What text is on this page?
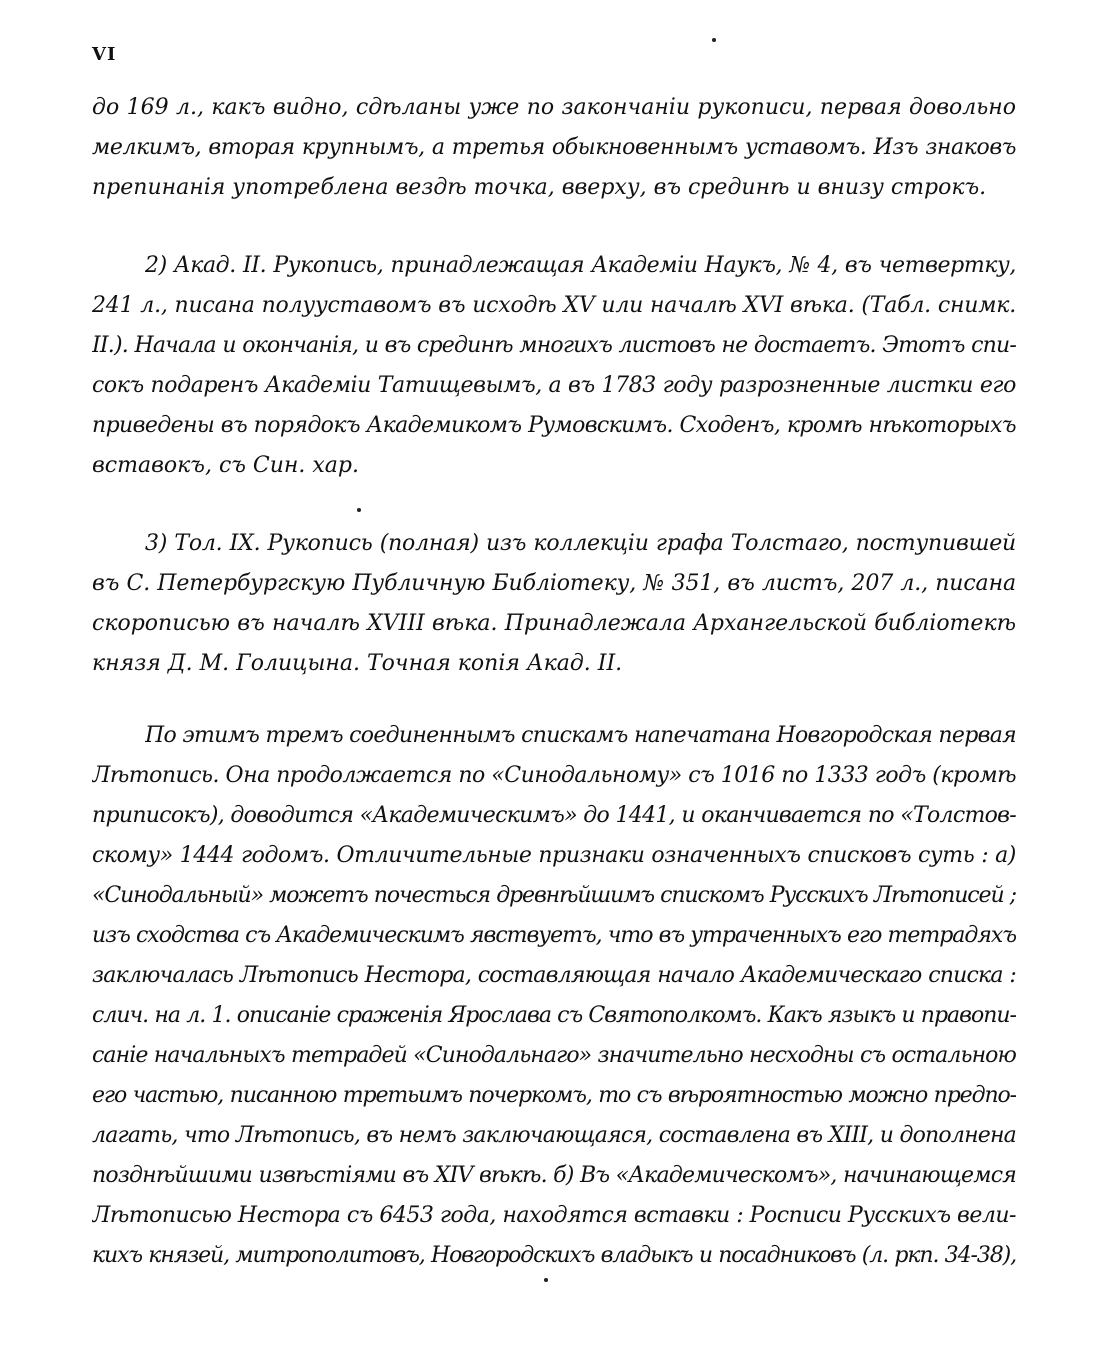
VI
до 169 л., какъ видно, сдѣланы уже по закончаніи рукописи, первая довольно
мелкимъ, вторая крупнымъ, а третья обыкновеннымъ уставомъ. Изъ знаковъ
препинанія употреблена вездѣ точка, вверху, въ срединѣ и внизу строкъ.
2) Акад. II. Рукопись, принадлежащая Академіи Наукъ, № 4, въ четвертку,
241 л., писана полууставомъ въ исходѣ XV или началѣ XVI вѣка. (Табл. снимк.
II.). Начала и окончанія, и въ срединѣ многихъ листовъ не достаетъ. Этотъ спи-
сокъ подаренъ Академіи Татищевымъ, а въ 1783 году разрозненные листки его
приведены въ порядокъ Академикомъ Румовскимъ. Сходенъ, кромѣ нѣкоторыхъ
вставокъ, съ Син. хар.
3) Тол. IX. Рукопись (полная) изъ коллекціи графа Толстаго, поступившей
въ С. Петербургскую Публичную Библіотеку, № 351, въ листъ, 207 л., писана
скорописью въ началѣ XVIII вѣка. Принадлежала Архангельской библіотекѣ
князя Д. М. Голицына. Точная копія Акад. II.
По этимъ тремъ соединеннымъ спискамъ напечатана Новгородская первая
Лѣтопись. Она продолжается по «Синодальному» съ 1016 по 1333 годъ (кромѣ
приписокъ), доводится «Академическимъ» до 1441, и оканчивается по «Толстов-
скому» 1444 годомъ. Отличительные признаки означенныхъ списковъ суть : а)
«Синодальный» можетъ почесться древнѣйшимъ спискомъ Русскихъ Лѣтописей ;
изъ сходства съ Академическимъ явствуетъ, что въ утраченныхъ его тетрадяхъ
заключалась Лѣтопись Нестора, составляющая начало Академическаго списка :
слич. на л. 1. описаніе сраженія Ярослава съ Святополкомъ. Какъ языкъ и правопи-
саніе начальныхъ тетрадей «Синодальнаго» значительно несходны съ остальною
его частью, писанною третьимъ почеркомъ, то съ вѣроятностью можно предпо-
лагать, что Лѣтопись, въ немъ заключающаяся, составлена въ XIII, и дополнена
позднѣйшими извѣстіями въ XIV вѣкѣ. б) Въ «Академическомъ», начинающемся
Лѣтописью Нестора съ 6453 года, находятся вставки : Росписи Русскихъ вели-
кихъ князей, митрополитовъ, Новгородскихъ владыкъ и посадниковъ (л. ркп. 34-38),
